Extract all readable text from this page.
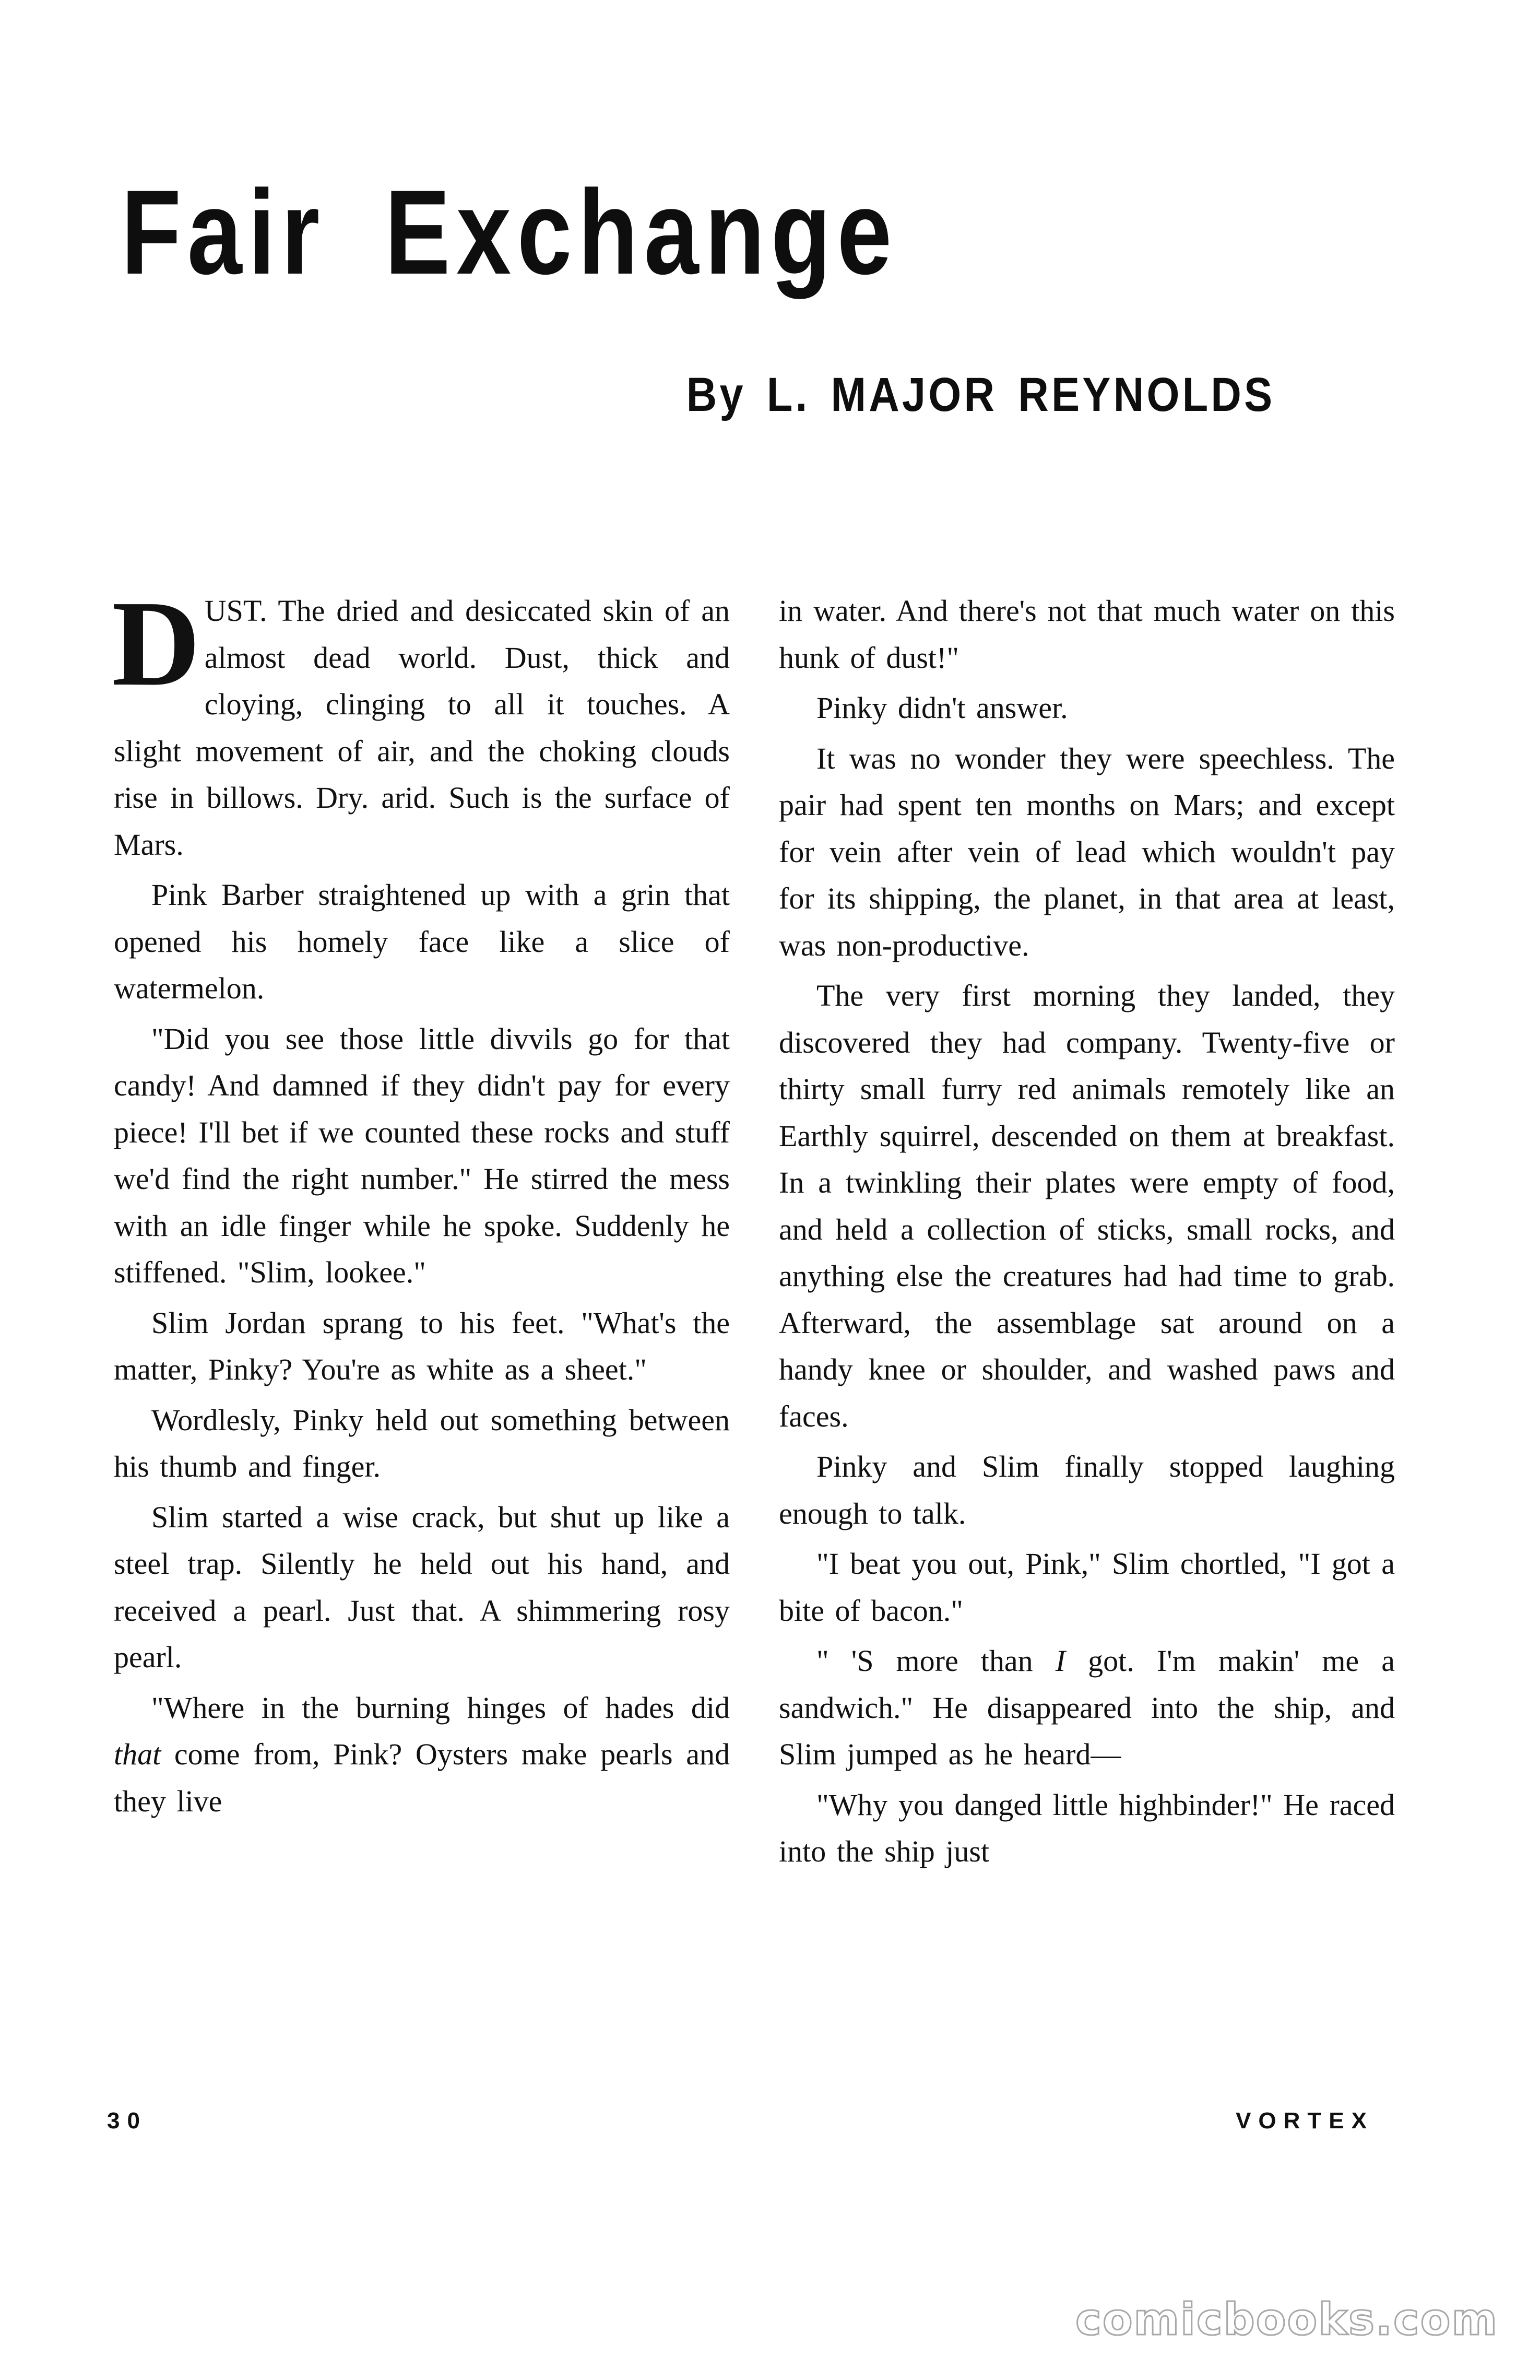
Fair Exchange
By L. MAJOR REYNOLDS

DUST. The dried and desiccated skin of an almost dead world. Dust, thick and cloying, clinging to all it touches. A slight movement of air, and the choking clouds rise in billows. Dry. arid. Such is the surface of Mars.

Pink Barber straightened up with a grin that opened his homely face like a slice of watermelon.

"Did you see those little divvils go for that candy! And damned if they didn't pay for every piece! I'll bet if we counted these rocks and stuff we'd find the right number." He stirred the mess with an idle finger while he spoke. Suddenly he stiffened. "Slim, lookee."

Slim Jordan sprang to his feet. "What's the matter, Pinky? You're as white as a sheet."

Wordlesly, Pinky held out something between his thumb and finger.

Slim started a wise crack, but shut up like a steel trap. Silently he held out his hand, and received a pearl. Just that. A shimmering rosy pearl.

"Where in the burning hinges of hades did that come from, Pink? Oysters make pearls and they live

in water. And there's not that much water on this hunk of dust!"

Pinky didn't answer.

It was no wonder they were speechless. The pair had spent ten months on Mars; and except for vein after vein of lead which wouldn't pay for its shipping, the planet, in that area at least, was non-productive.

The very first morning they landed, they discovered they had company. Twenty-five or thirty small furry red animals remotely like an Earthly squirrel, descended on them at breakfast. In a twinkling their plates were empty of food, and held a collection of sticks, small rocks, and anything else the creatures had had time to grab. Afterward, the assemblage sat around on a handy knee or shoulder, and washed paws and faces.

Pinky and Slim finally stopped laughing enough to talk.

"I beat you out, Pink," Slim chortled, "I got a bite of bacon."

" 'S more than I got. I'm makin' me a sandwich." He disappeared into the ship, and Slim jumped as he heard—

"Why you danged little highbinder!" He raced into the ship just

30	VORTEX
comicbooks.com
